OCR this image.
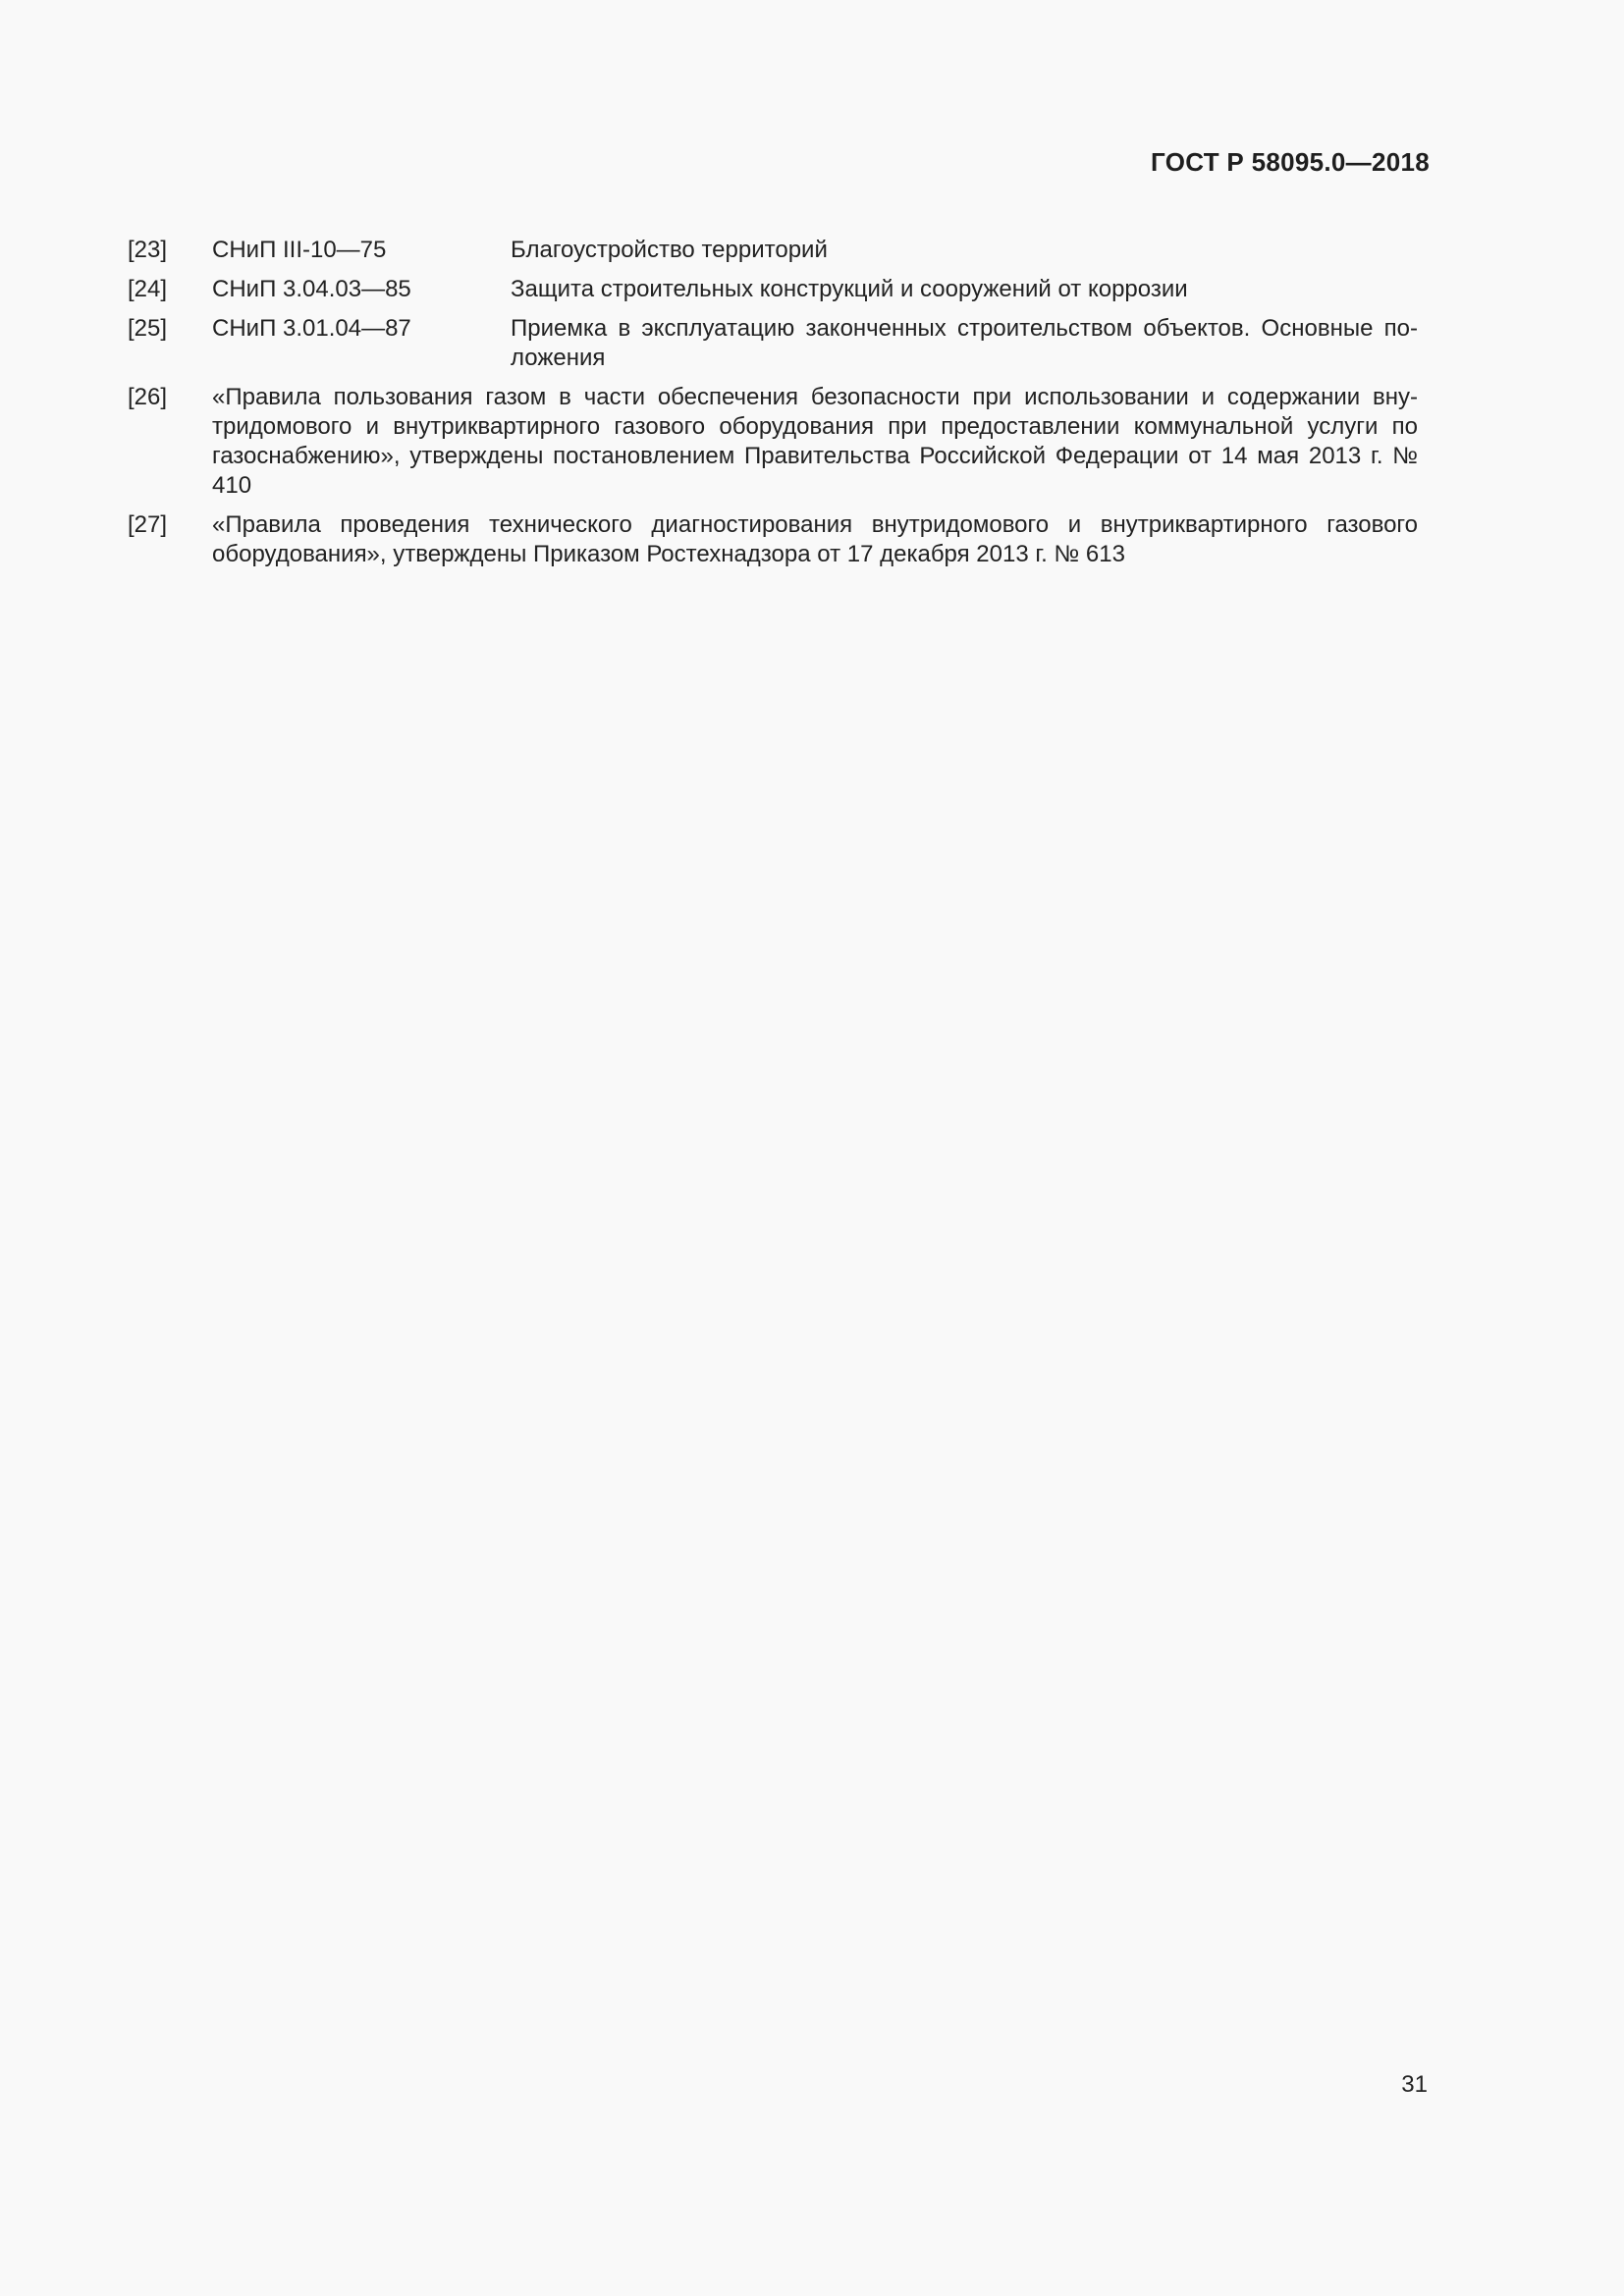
ГОСТ Р 58095.0—2018
[23]	СНиП III-10—75	Благоустройство территорий
[24]	СНиП 3.04.03—85	Защита строительных конструкций и сооружений от коррозии
[25]	СНиП 3.01.04—87	Приемка в эксплуатацию законченных строительством объектов. Основные положения
[26]	«Правила пользования газом в части обеспечения безопасности при использовании и содержании внутридомового и внутриквартирного газового оборудования при предоставлении коммунальной услуги по газоснабжению», утверждены постановлением Правительства Российской Федерации от 14 мая 2013 г. № 410
[27]	«Правила проведения технического диагностирования внутридомового и внутриквартирного газового оборудования», утверждены Приказом Ростехнадзора от 17 декабря 2013 г. № 613
31
